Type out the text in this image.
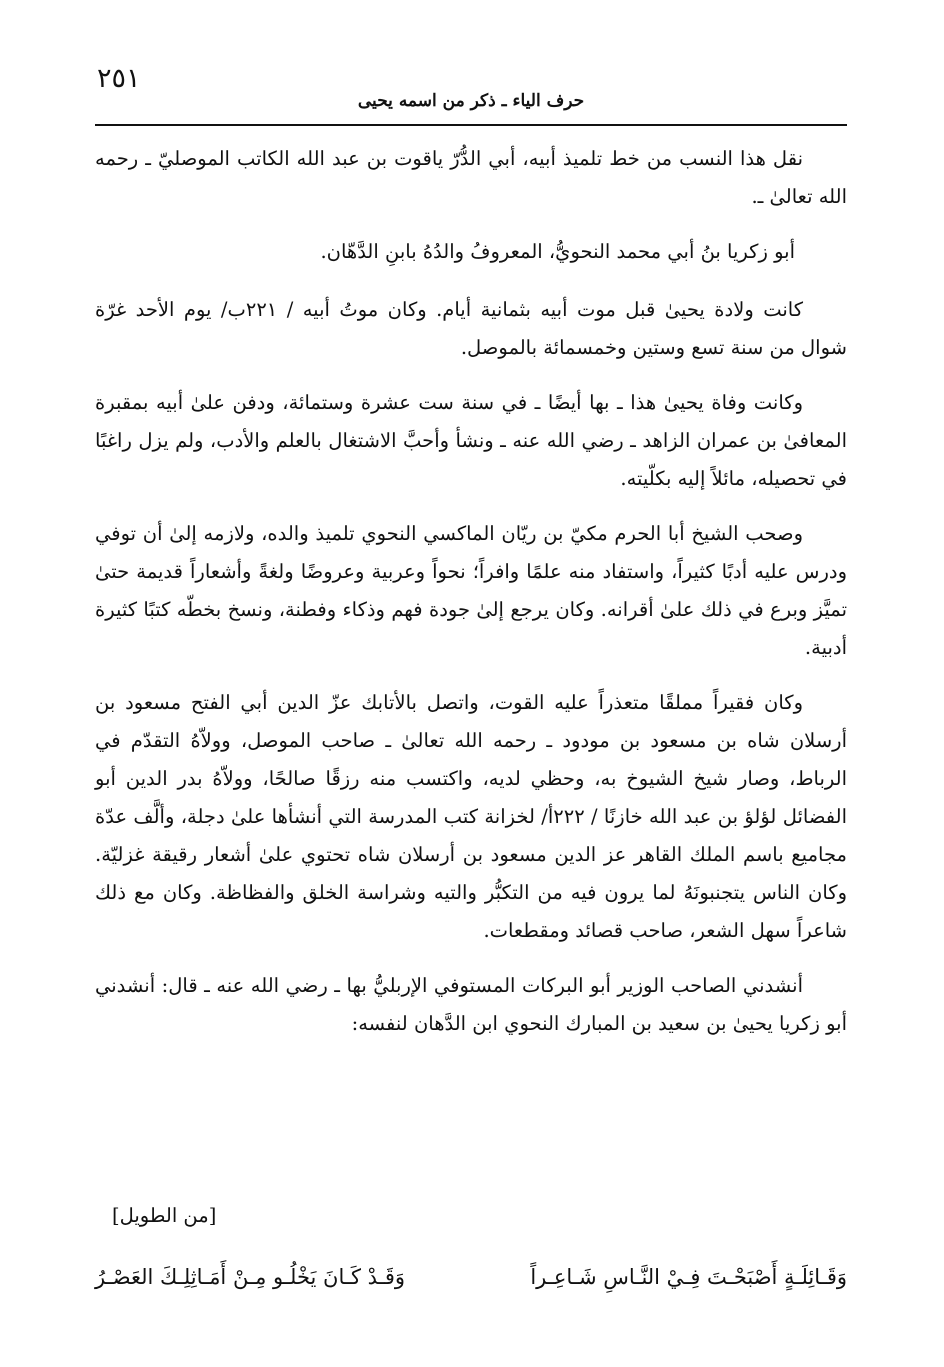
٢٥١
حرف الياء ـ ذكر من اسمه يحيى

نقل هذا النسب من خط تلميذ أبيه، أبي الدُّرّ ياقوت بن عبد الله الكاتب الموصليّ ـ رحمه الله تعالىٰ ـ.

أبو زكريا بنُ أبي محمد النحويُّ، المعروفُ والدُهُ بابنِ الدَّهّان.

كانت ولادة يحيىٰ قبل موت أبيه بثمانية أيام. وكان موتُ أبيه / ٢٢١ب/ يوم الأحد غرّة شوال من سنة تسع وستين وخمسمائة بالموصل.

وكانت وفاة يحيىٰ هذا ـ بها أيضًا ـ في سنة ست عشرة وستمائة، ودفن علىٰ أبيه بمقبرة المعافىٰ بن عمران الزاهد ـ رضي الله عنه ـ ونشأ وأحبَّ الاشتغال بالعلم والأدب، ولم يزل راغبًا في تحصيله، مائلاً إليه بكلّيته.

وصحب الشيخ أبا الحرم مكيّ بن ريّان الماكسي النحوي تلميذ والده، ولازمه إلىٰ أن توفي ودرس عليه أدبًا كثيراً، واستفاد منه علمًا وافراً؛ نحواً وعربية وعروضًا ولغةً وأشعاراً قديمة حتىٰ تميَّز وبرع في ذلك علىٰ أقرانه. وكان يرجع إلىٰ جودة فهم وذكاء وفطنة، ونسخ بخطّه كتبًا كثيرة أدبية.

وكان فقيراً مملقًا متعذراً عليه القوت، واتصل بالأتابك عزّ الدين أبي الفتح مسعود بن أرسلان شاه بن مسعود بن مودود ـ رحمه الله تعالىٰ ـ صاحب الموصل، وولاّهُ التقدّم في الرباط، وصار شيخ الشيوخ به، وحظي لديه، واكتسب منه رزقًا صالحًا، وولاّهُ بدر الدين أبو الفضائل لؤلؤ بن عبد الله خازنًا / ٢٢٢أ/ لخزانة كتب المدرسة التي أنشأها علىٰ دجلة، وألَّف عدّة مجاميع باسم الملك القاهر عز الدين مسعود بن أرسلان شاه تحتوي علىٰ أشعار رقيقة غزليّة. وكان الناس يتجنبونَهُ لما يرون فيه من التكبُّر والتيه وشراسة الخلق والفظاظة. وكان مع ذلك شاعراً سهل الشعر، صاحب قصائد ومقطعات.

أنشدني الصاحب الوزير أبو البركات المستوفي الإربليُّ بها ـ رضي الله عنه ـ قال: أنشدني أبو زكريا يحيىٰ بن سعيد بن المبارك النحوي ابن الدَّهان لنفسه:

[من الطويل]
وَقَـائِلَـةٍ أَصْبَحْـتَ فِـيْ النَّـاسِ شَـاعِـراً
وَقَـدْ كَـانَ يَخْلُـو مِـنْ أَمَـاثِلِـكَ العَصْـرُ
